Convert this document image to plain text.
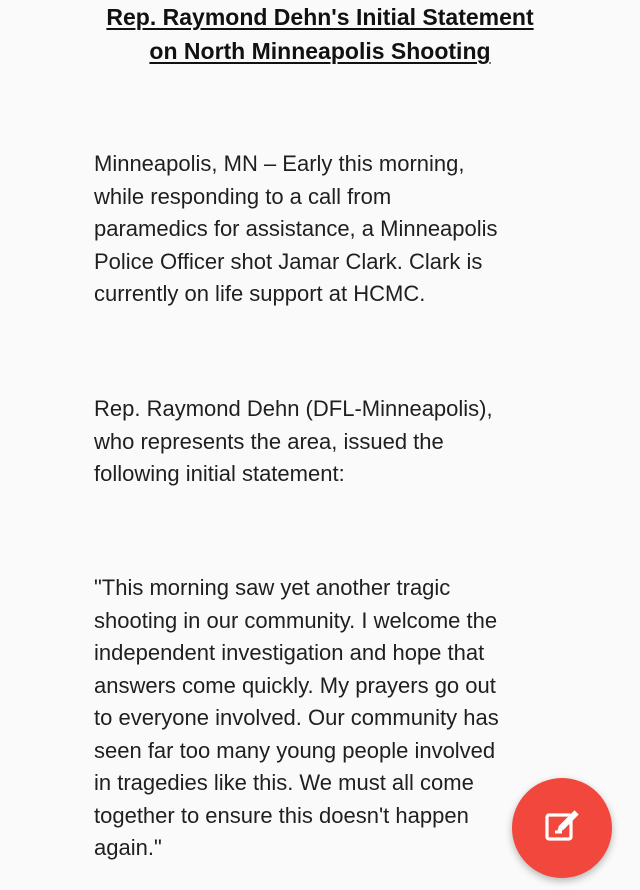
Rep. Raymond Dehn's Initial Statement
on North Minneapolis Shooting
Minneapolis, MN – Early this morning,
while responding to a call from
paramedics for assistance, a Minneapolis
Police Officer shot Jamar Clark. Clark is
currently on life support at HCMC.
Rep. Raymond Dehn (DFL-Minneapolis),
who represents the area, issued the
following initial statement:
"This morning saw yet another tragic
shooting in our community. I welcome the
independent investigation and hope that
answers come quickly. My prayers go out
to everyone involved. Our community has
seen far too many young people involved
in tragedies like this. We must all come
together to ensure this doesn't happen
again."
